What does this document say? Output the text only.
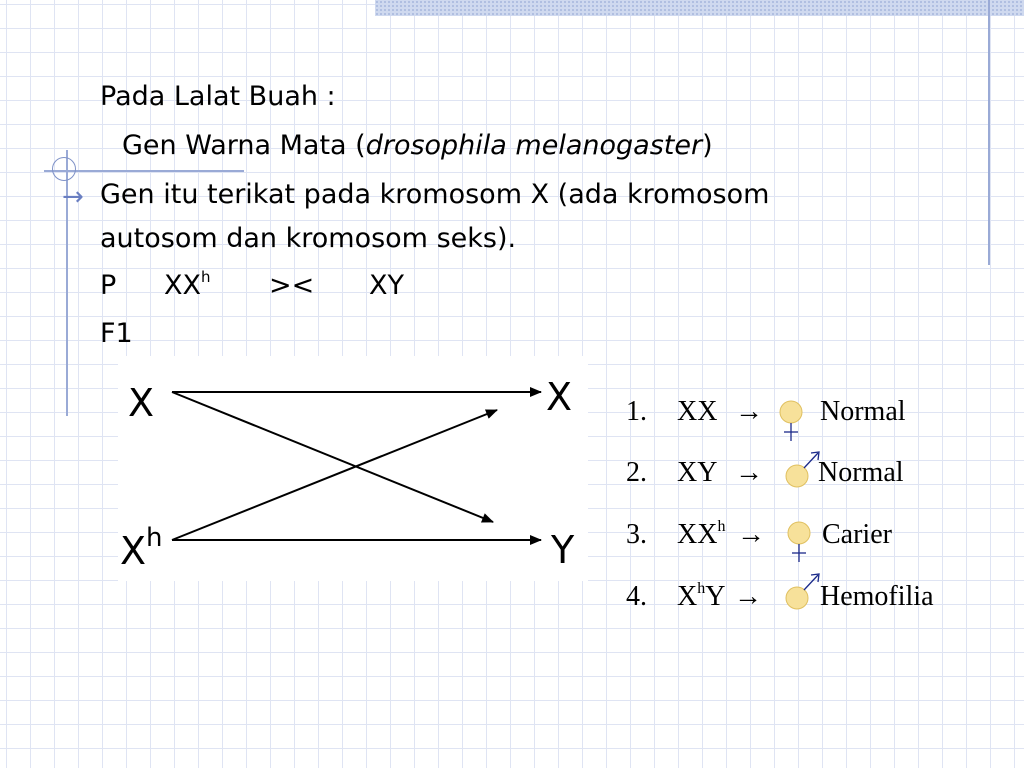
Pada Lalat Buah :
Gen Warna Mata (drosophila melanogaster)
→ Gen itu terikat pada kromosom X (ada kromosom
autosom dan kromosom seks).
P $XX^h$ >< XY
F1
X
$X^h$
X
Y
1. XX → Normal
2. XY → Normal
3. $XX^h$ → Carier
4. $X^hY$ → Hemofilia
